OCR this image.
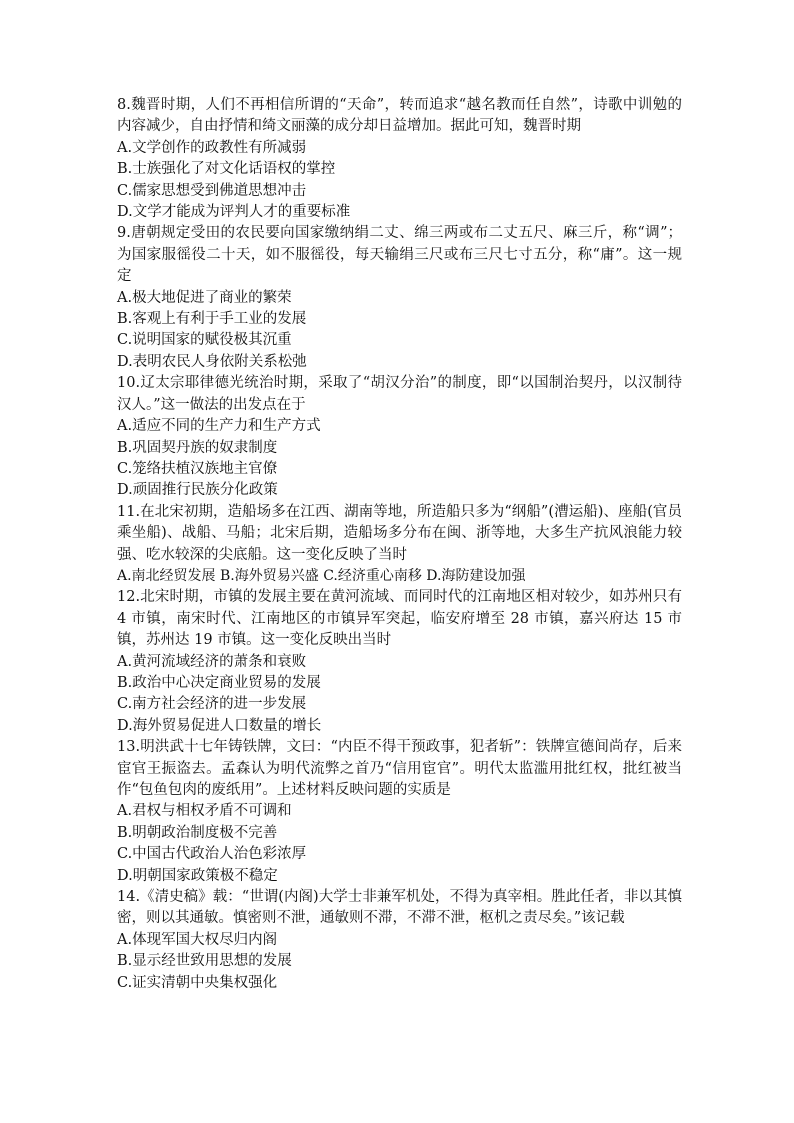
8.魏晋时期，人们不再相信所谓的“天命”，转而追求“越名教而任自然”，诗歌中训勉的内容减少，自由抒情和绮文丽藻的成分却日益增加。据此可知，魏晋时期

A.文学创作的政教性有所减弱

B.士族强化了对文化话语权的掌控

C.儒家思想受到佛道思想冲击

D.文学才能成为评判人才的重要标准

9.唐朝规定受田的农民要向国家缴纳绢二丈、绵三两或布二丈五尺、麻三斤，称“调”；为国家服徭役二十天，如不服徭役，每天输绢三尺或布三尺七寸五分，称“庸”。这一规定

A.极大地促进了商业的繁荣

B.客观上有利于手工业的发展

C.说明国家的赋役极其沉重

D.表明农民人身依附关系松弛

10.辽太宗耶律德光统治时期，采取了“胡汉分治”的制度，即“以国制治契丹，以汉制待汉人。”这一做法的出发点在于

A.适应不同的生产力和生产方式

B.巩固契丹族的奴隶制度

C.笼络扶植汉族地主官僚

D.顽固推行民族分化政策

11.在北宋初期，造船场多在江西、湖南等地，所造船只多为“纲船”(漕运船)、座船(官员乘坐船)、战船、马船；北宋后期，造船场多分布在闽、浙等地，大多生产抗风浪能力较强、吃水较深的尖底船。这一变化反映了当时

A.南北经贸发展 B.海外贸易兴盛 C.经济重心南移 D.海防建设加强

12.北宋时期，市镇的发展主要在黄河流域、而同时代的江南地区相对较少，如苏州只有 4 市镇，南宋时代、江南地区的市镇异军突起，临安府增至 28 市镇，嘉兴府达 15 市镇，苏州达 19 市镇。这一变化反映出当时

A.黄河流域经济的萧条和衰败

B.政治中心决定商业贸易的发展

C.南方社会经济的进一步发展

D.海外贸易促进人口数量的增长

13.明洪武十七年铸铁牌，文曰：“内臣不得干预政事，犯者斩”：铁牌宣德间尚存，后来宦官王振盗去。孟森认为明代流弊之首乃“信用宦官”。明代太监滥用批红权，批红被当作“包鱼包肉的废纸用”。上述材料反映问题的实质是

A.君权与相权矛盾不可调和

B.明朝政治制度极不完善

C.中国古代政治人治色彩浓厚

D.明朝国家政策极不稳定

14.《清史稿》载：“世谓(内阁)大学士非兼军机处，不得为真宰相。胜此任者，非以其慎密，则以其通敏。慎密则不泄，通敏则不滞，不滞不泄，枢机之责尽矣。”该记载

A.体现军国大权尽归内阁

B.显示经世致用思想的发展

C.证实清朝中央集权强化
